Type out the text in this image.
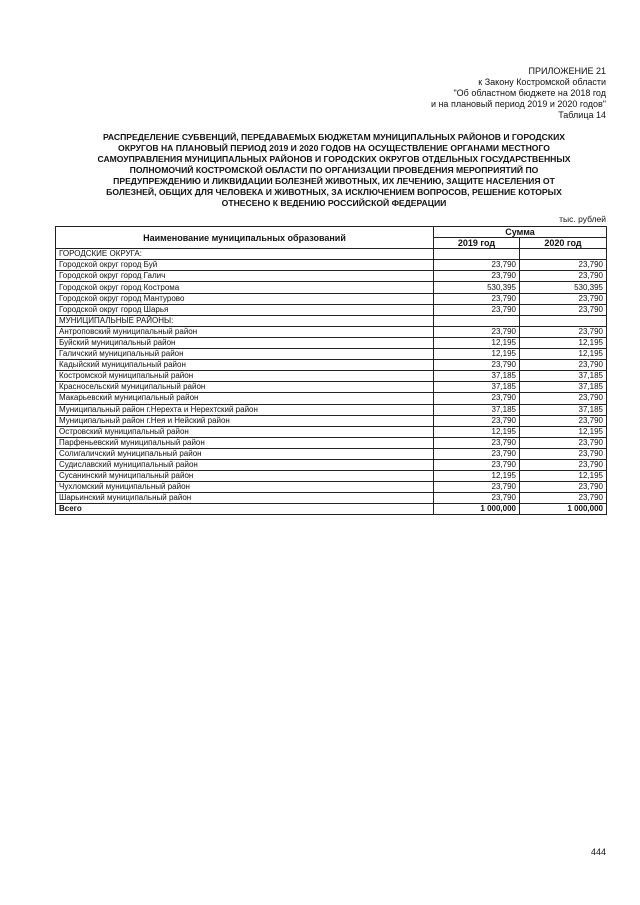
ПРИЛОЖЕНИЕ 21
к Закону Костромской области
"Об областном бюджете на 2018 год
и на плановый период 2019 и 2020 годов"
Таблица 14
РАСПРЕДЕЛЕНИЕ СУБВЕНЦИЙ, ПЕРЕДАВАЕМЫХ БЮДЖЕТАМ МУНИЦИПАЛЬНЫХ РАЙОНОВ И ГОРОДСКИХ
ОКРУГОВ НА ПЛАНОВЫЙ ПЕРИОД 2019 И 2020 ГОДОВ НА ОСУЩЕСТВЛЕНИЕ ОРГАНАМИ МЕСТНОГО
САМОУПРАВЛЕНИЯ МУНИЦИПАЛЬНЫХ РАЙОНОВ И ГОРОДСКИХ ОКРУГОВ ОТДЕЛЬНЫХ ГОСУДАРСТВЕННЫХ
ПОЛНОМОЧИЙ КОСТРОМСКОЙ ОБЛАСТИ ПО ОРГАНИЗАЦИИ ПРОВЕДЕНИЯ МЕРОПРИЯТИЙ ПО
ПРЕДУПРЕЖДЕНИЮ И ЛИКВИДАЦИИ БОЛЕЗНЕЙ ЖИВОТНЫХ, ИХ ЛЕЧЕНИЮ, ЗАЩИТЕ НАСЕЛЕНИЯ ОТ
БОЛЕЗНЕЙ, ОБЩИХ ДЛЯ ЧЕЛОВЕКА И ЖИВОТНЫХ, ЗА ИСКЛЮЧЕНИЕМ ВОПРОСОВ, РЕШЕНИЕ КОТОРЫХ
ОТНЕСЕНО К ВЕДЕНИЮ РОССИЙСКОЙ ФЕДЕРАЦИИ
тыс. рублей
Наименование муниципальных образований	Сумма	
	2019 год	2020 год
ГОРОДСКИЕ ОКРУГА:		
Городской округ город Буй	23,790	23,790
Городской округ город Галич	23,790	23,790
Городской округ город Кострома	530,395	530,395
Городской округ город Мантурово	23,790	23,790
Городской округ город Шарья	23,790	23,790
МУНИЦИПАЛЬНЫЕ РАЙОНЫ:		
Антроповский муниципальный район	23,790	23,790
Буйский муниципальный район	12,195	12,195
Галичский муниципальный район	12,195	12,195
Кадыйский муниципальный район	23,790	23,790
Костромской муниципальный район	37,185	37,185
Красносельский муниципальный район	37,185	37,185
Макарьевский муниципальный район	23,790	23,790
Муниципальный район г.Нерехта и Нерехтский район	37,185	37,185
Муниципальный район г.Нея и Нейский район	23,790	23,790
Островский муниципальный район	12,195	12,195
Парфеньевский муниципальный район	23,790	23,790
Солигаличский муниципальный район	23,790	23,790
Судиславский муниципальный район	23,790	23,790
Сусанинский муниципальный район	12,195	12,195
Чухломский муниципальный район	23,790	23,790
Шарьинский муниципальный район	23,790	23,790
Всего	1 000,000	1 000,000
444
